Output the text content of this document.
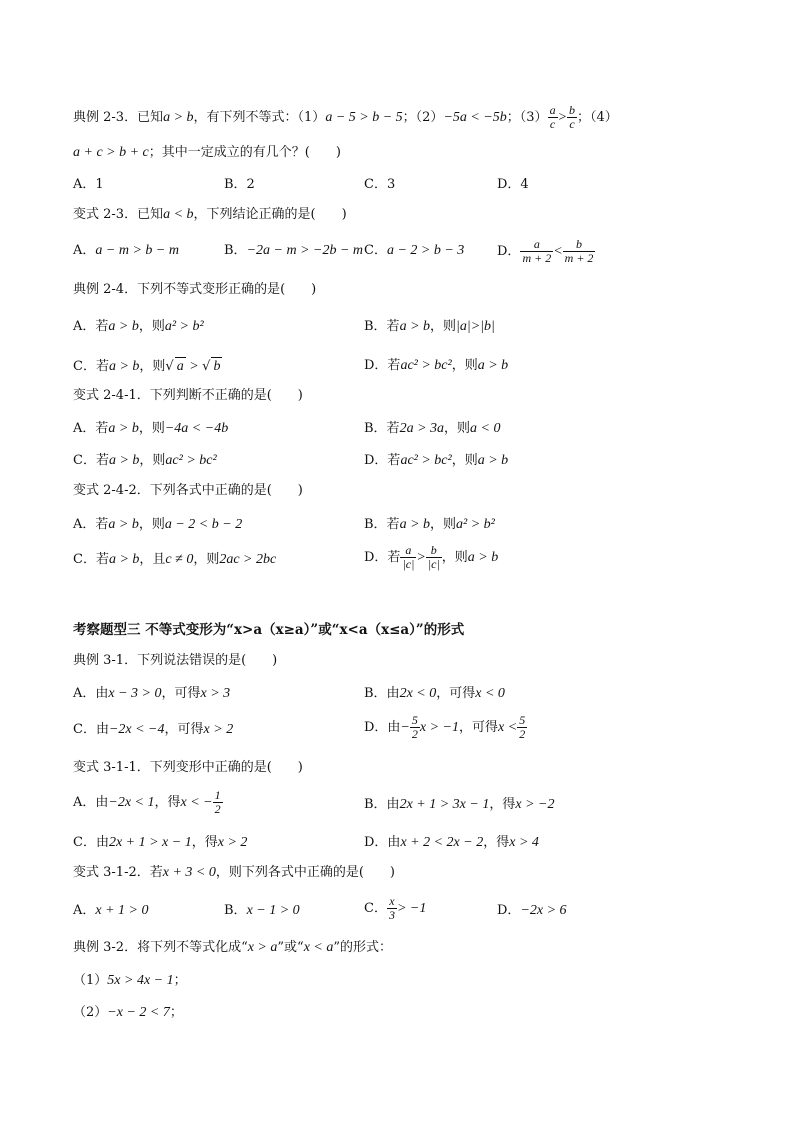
典例 2-3．已知a > b，有下列不等式：（1）a − 5 > b − 5；（2）−5a < −5b；$(3) \frac{a}{c} > \frac{b}{c}$ ；（4）
a + c > b + c；其中一定成立的有几个？(　　)
A．1	B．2	C．3	D．4
变式 2-3．已知a < b，下列结论正确的是(　　)
A．a − m > b − m	B．−2a − m > −2b − m C．a − 2 > b − 3	D． $\frac{a}{m + 2} < \frac{b}{m + 2}$
典例 2-4．下列不等式变形正确的是(　　)
A．若a > b，则a² > b²	B．若a > b，则|a|>|b|
C．若a > b，则√ a > √ b	D．若ac² > bc²，则a > b
变式 2-4-1．下列判断不正确的是(　　)
A．若a > b，则−4a < −4b	B．若2a > 3a，则a < 0
C．若a > b，则ac² > bc²	D．若ac² > bc²，则a > b
变式 2-4-2．下列各式中正确的是(　　)
A．若a > b，则a − 2 < b − 2	B．若a > b，则a² > b²
C．若a > b，且c ≠ 0，则2ac > 2bc	D．若 $\frac{a}{|c|} > \frac{b}{|c|}$ ，则a > b
考察题型三 不等式变形为“x>a（x≥a）”或“x<a（x≤a）”的形式
典例 3-1．下列说法错误的是(　　)
A．由x − 3 > 0，可得x > 3	B．由2x < 0，可得x < 0
C．由−2x < −4，可得x > 2	D．由− $\frac{5}{2}$ x > −1，可得$x < \frac{5}{2}$
变式 3-1-1．下列变形中正确的是(　　)
A．由−2x < 1，得x < − $\frac{1}{2}$	B．由2x + 1 > 3x − 1，得x > −2
C．由2x + 1 > x − 1，得x > 2	D．由x + 2 < 2x − 2，得x > 4
变式 3-1-2．若x + 3 < 0，则下列各式中正确的是(　　)
A．x + 1 > 0	B．x − 1 > 0	C． $\frac{x}{3} > -1$	D．−2x > 6
典例 3-2．将下列不等式化成“x > a”或“x < a”的形式：
（1）5x > 4x − 1；
（2）−x − 2 < 7；
